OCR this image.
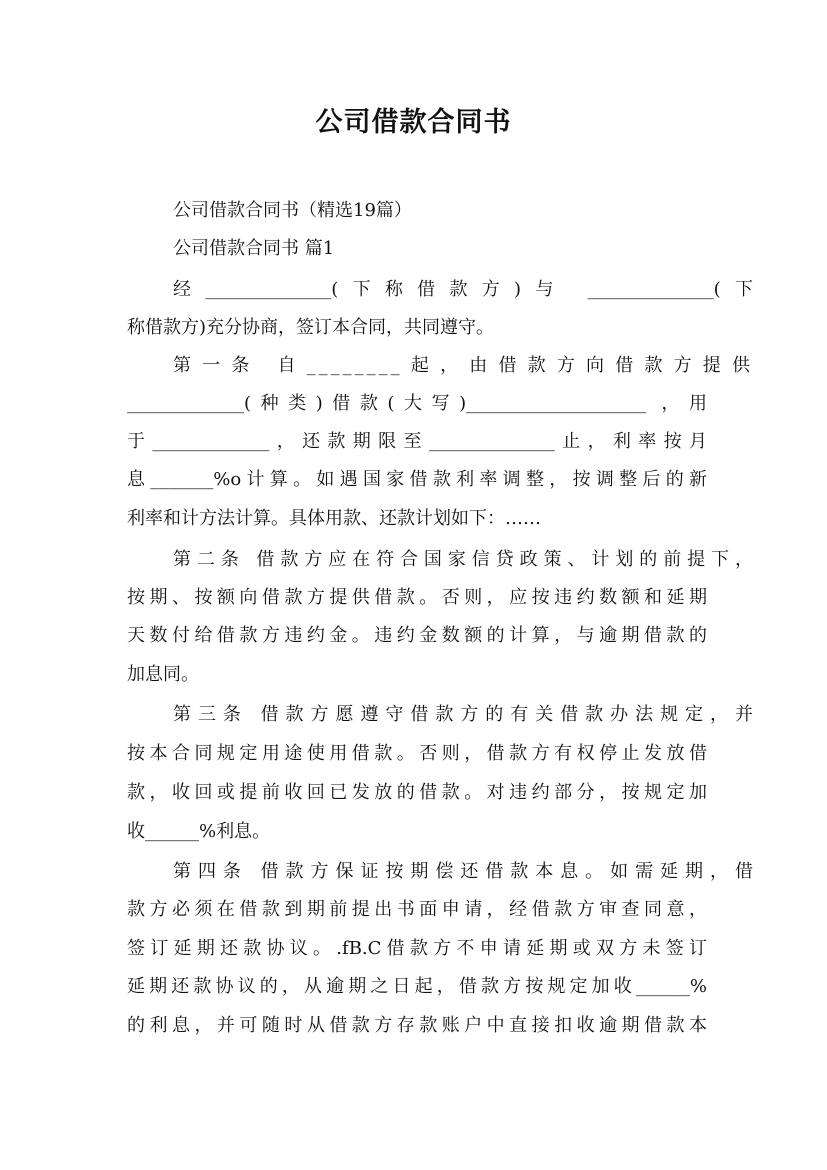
公司借款合同书
公司借款合同书（精选19篇）
公司借款合同书 篇1
经______________(下称借款方)与 ______________(下
称借款方)充分协商，签订本合同，共同遵守。
第一条 自________起，由借款方向借款方提供
_____________(种类)借款(大写)____________________ ，用
于_____________，还款期限至______________止，利率按月
息_______%o计算。如遇国家借款利率调整，按调整后的新
利率和计方法计算。具体用款、还款计划如下：……
第二条 借款方应在符合国家信贷政策、计划的前提下，
按期、按额向借款方提供借款。否则，应按违约数额和延期
天数付给借款方违约金。违约金数额的计算，与逾期借款的
加息同。
第三条 借款方愿遵守借款方的有关借款办法规定，并
按本合同规定用途使用借款。否则，借款方有权停止发放借
款，收回或提前收回已发放的借款。对违约部分，按规定加
收______%利息。
第四条 借款方保证按期偿还借款本息。如需延期，借
款方必须在借款到期前提出书面申请，经借款方审查同意，
签订延期还款协议。.fB.C借款方不申请延期或双方未签订
延期还款协议的，从逾期之日起，借款方按规定加收______%
的利息，并可随时从借款方存款账户中直接扣收逾期借款本
